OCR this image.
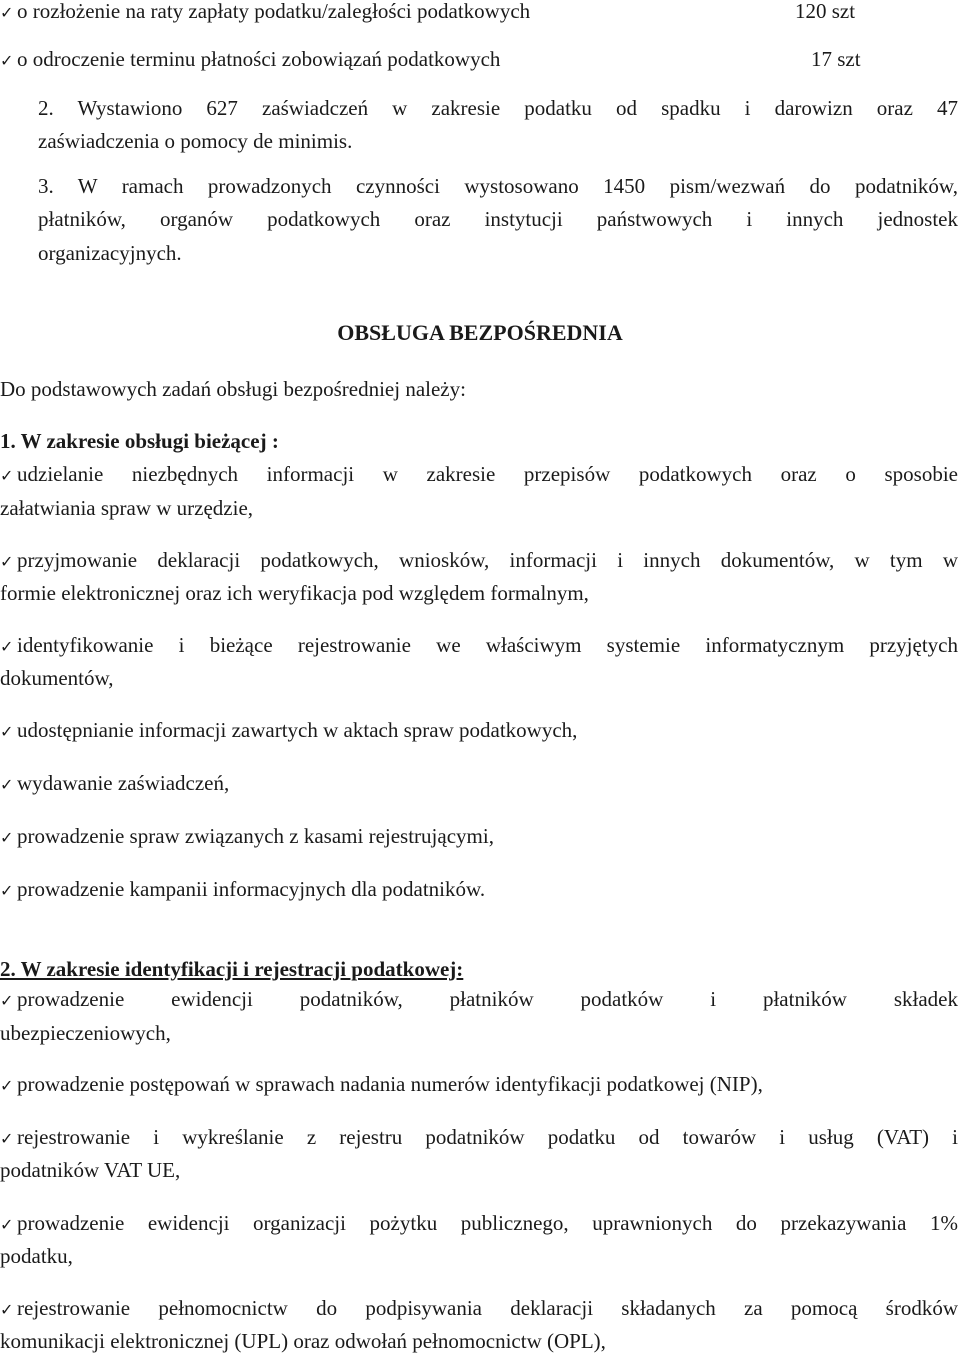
✓ o rozłożenie na raty zapłaty podatku/zaległości podatkowych	120 szt
✓ o odroczenie terminu płatności zobowiązań podatkowych	17 szt
2. Wystawiono 627 zaświadczeń w zakresie podatku od spadku i darowizn oraz 47
zaświadczenia o pomocy de minimis.
3. W ramach prowadzonych czynności wystosowano 1450 pism/wezwań do podatników,
płatników, organów podatkowych oraz instytucji państwowych i innych jednostek
organizacyjnych.
OBSŁUGA BEZPOŚREDNIA
Do podstawowych zadań obsługi bezpośredniej należy:
1. W zakresie obsługi bieżącej :
✓ udzielanie niezbędnych informacji w zakresie przepisów podatkowych oraz o sposobie
załatwiania spraw w urzędzie,
✓ przyjmowanie deklaracji podatkowych, wniosków, informacji i innych dokumentów, w tym w
formie elektronicznej oraz ich weryfikacja pod względem formalnym,
✓ identyfikowanie i bieżące rejestrowanie we właściwym systemie informatycznym przyjętych
dokumentów,
✓ udostępnianie informacji zawartych w aktach spraw podatkowych,
✓ wydawanie zaświadczeń,
✓ prowadzenie spraw związanych z kasami rejestrującymi,
✓ prowadzenie kampanii informacyjnych dla podatników.
2. W zakresie identyfikacji i rejestracji podatkowej:
✓ prowadzenie ewidencji podatników, płatników podatków i płatników składek
ubezpieczeniowych,
✓ prowadzenie postępowań w sprawach nadania numerów identyfikacji podatkowej (NIP),
✓ rejestrowanie i wykreślanie z rejestru podatników podatku od towarów i usług (VAT) i
podatników VAT UE,
✓ prowadzenie ewidencji organizacji pożytku publicznego, uprawnionych do przekazywania 1%
podatku,
✓ rejestrowanie pełnomocnictw do podpisywania deklaracji składanych za pomocą środków
komunikacji elektronicznej (UPL) oraz odwołań pełnomocnictw (OPL),
